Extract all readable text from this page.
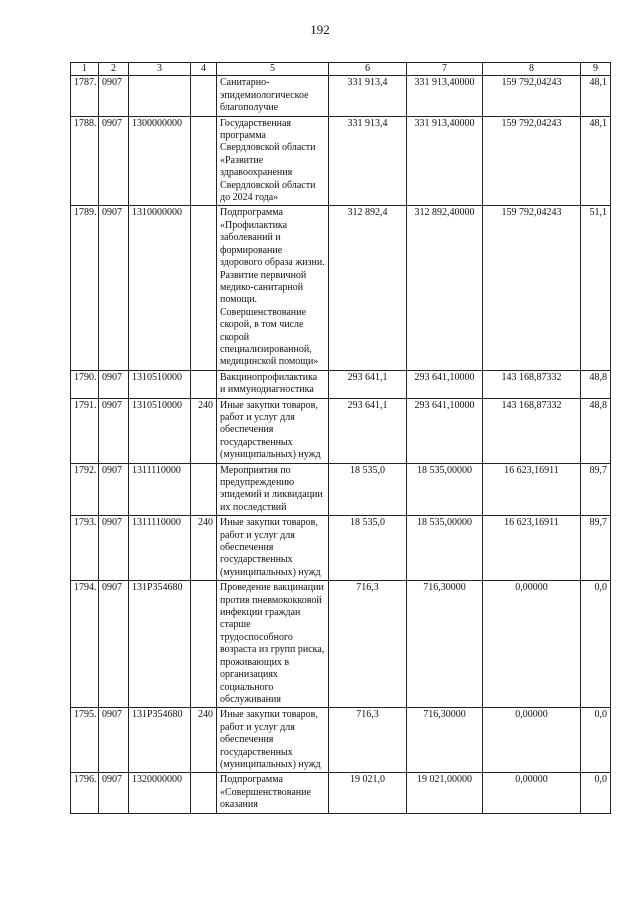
192
1	2	3	4	5	6	7	8	9
1787.	0907			Санитарно-эпидемиологическое благополучие	331 913,4	331 913,40000	159 792,04243	48,1
1788.	0907	1300000000		Государственная программа Свердловской области «Развитие здравоохранения Свердловской области до 2024 года»	331 913,4	331 913,40000	159 792,04243	48,1
1789.	0907	1310000000		Подпрограмма «Профилактика заболеваний и формирование здорового образа жизни. Развитие первичной медико-санитарной помощи. Совершенствование скорой, в том числе скорой специализированной, медицинской помощи»	312 892,4	312 892,40000	159 792,04243	51,1
1790.	0907	1310510000		Вакцинопрофилактика и иммунодиагностика	293 641,1	293 641,10000	143 168,87332	48,8
1791.	0907	1310510000	240	Иные закупки товаров, работ и услуг для обеспечения государственных (муниципальных) нужд	293 641,1	293 641,10000	143 168,87332	48,8
1792.	0907	1311110000		Мероприятия по предупреждению эпидемий и ликвидации их последствий	18 535,0	18 535,00000	16 623,16911	89,7
1793.	0907	1311110000	240	Иные закупки товаров, работ и услуг для обеспечения государственных (муниципальных) нужд	18 535,0	18 535,00000	16 623,16911	89,7
1794.	0907	131P354680		Проведение вакцинации против пневмококковой инфекции граждан старше трудоспособного возраста из групп риска, проживающих в организациях социального обслуживания	716,3	716,30000	0,00000	0,0
1795.	0907	131P354680	240	Иные закупки товаров, работ и услуг для обеспечения государственных (муниципальных) нужд	716,3	716,30000	0,00000	0,0
1796.	0907	1320000000		Подпрограмма «Совершенствование оказания	19 021,0	19 021,00000	0,00000	0,0
